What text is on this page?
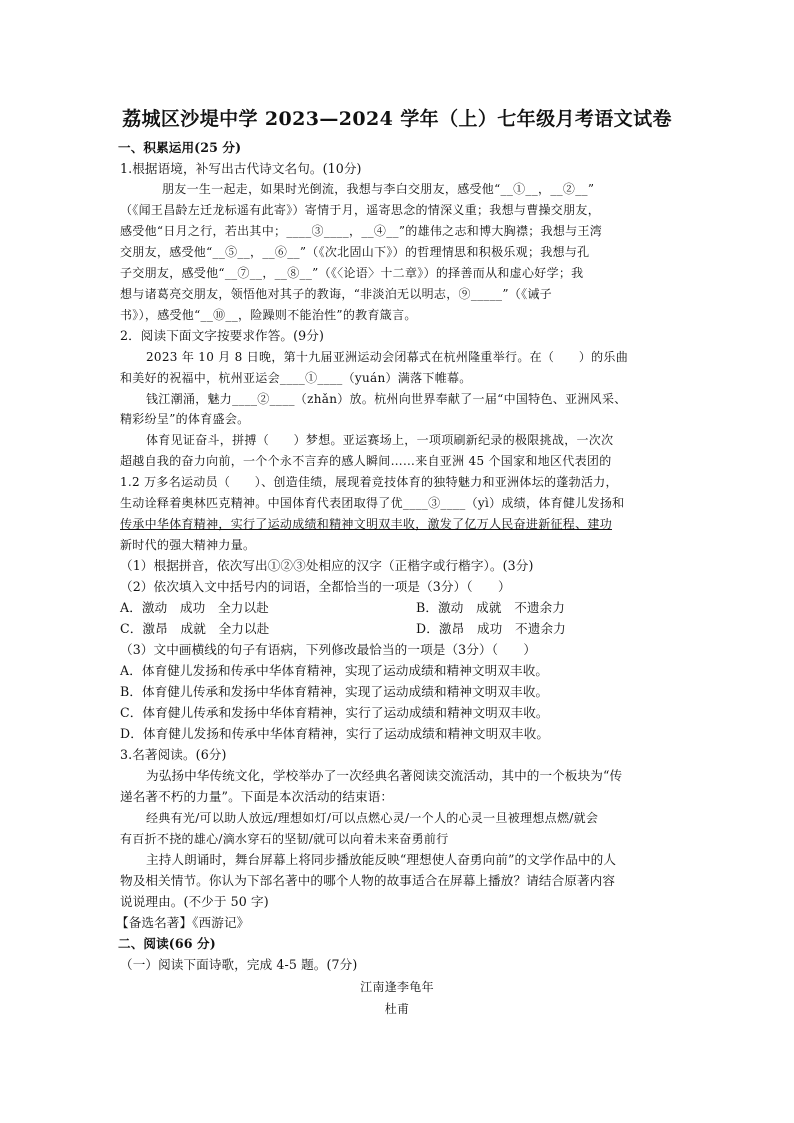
荔城区沙堤中学 2023—2024 学年（上）七年级月考语文试卷
一、积累运用(25 分)
1.根据语境，补写出古代诗文名句。(10分)
朋友一生一起走，如果时光倒流，我想与李白交朋友，感受他“__①__，__②__”
（《闻王昌龄左迁龙标遥有此寄》）寄情于月，遥寄思念的情深义重；我想与曹操交朋友，
感受他“日月之行，若出其中；____③____，__④__”的雄伟之志和博大胸襟；我想与王湾
交朋友，感受他“__⑤__，__⑥__”（《次北固山下》）的哲理情思和积极乐观；我想与孔
子交朋友，感受他“__⑦__，__⑧__”（《〈论语〉十二章》）的择善而从和虚心好学；我
想与诸葛亮交朋友，领悟他对其子的教诲，“非淡泊无以明志，⑨_____”（《诫子
书》），感受他“__⑩__，险躁则不能治性”的教育箴言。
2．阅读下面文字按要求作答。(9分)
2023 年 10 月 8 日晚，第十九届亚洲运动会闭幕式在杭州隆重举行。在（　　）的乐曲
和美好的祝福中，杭州亚运会____①____（yuán）满落下帷幕。
钱江潮涌，魅力____②____（zhǎn）放。杭州向世界奉献了一届“中国特色、亚洲风采、
精彩纷呈”的体育盛会。
体育见证奋斗，拼搏（　　）梦想。亚运赛场上，一项项刷新纪录的极限挑战，一次次
超越自我的奋力向前，一个个永不言弃的感人瞬间……来自亚洲 45 个国家和地区代表团的
1.2 万多名运动员（　　）、创造佳绩，展现着竞技体育的独特魅力和亚洲体坛的蓬勃活力，
生动诠释着奥林匹克精神。中国体育代表团取得了优____③____（yì）成绩，体育健儿发扬和
传承中华体育精神，实行了运动成绩和精神文明双丰收，激发了亿万人民奋进新征程、建功
新时代的强大精神力量。
（1）根据拼音，依次写出①②③处相应的汉字（正楷字或行楷字）。(3分)
（2）依次填入文中括号内的词语，全都恰当的一项是（3分）（　　）
A．激动　成功　全力以赴	B．激动　成就　不遗余力
C．激昂　成就　全力以赴	D．激昂　成功　不遗余力
（3）文中画横线的句子有语病，下列修改最恰当的一项是（3分）（　　）
A．体育健儿发扬和传承中华体育精神，实现了运动成绩和精神文明双丰收。
B．体育健儿传承和发扬中华体育精神，实现了运动成绩和精神文明双丰收。
C．体育健儿传承和发扬中华体育精神，实行了运动成绩和精神文明双丰收。
D．体育健儿发扬和传承中华体育精神，实行了运动成绩和精神文明双丰收。
3.名著阅读。(6分)
为弘扬中华传统文化，学校举办了一次经典名著阅读交流活动，其中的一个板块为“传
递名著不朽的力量”。下面是本次活动的结束语：
经典有光/可以助人放远/理想如灯/可以点燃心灵/一个人的心灵一旦被理想点燃/就会
有百折不挠的雄心/滴水穿石的坚韧/就可以向着未来奋勇前行
主持人朗诵时，舞台屏幕上将同步播放能反映“理想使人奋勇向前”的文学作品中的人
物及相关情节。你认为下部名著中的哪个人物的故事适合在屏幕上播放？请结合原著内容
说说理由。(不少于 50 字)
【备选名著】《西游记》
二、阅读(66 分)
（一）阅读下面诗歌，完成 4-5 题。(7分)
江南逢李龟年
杜甫
